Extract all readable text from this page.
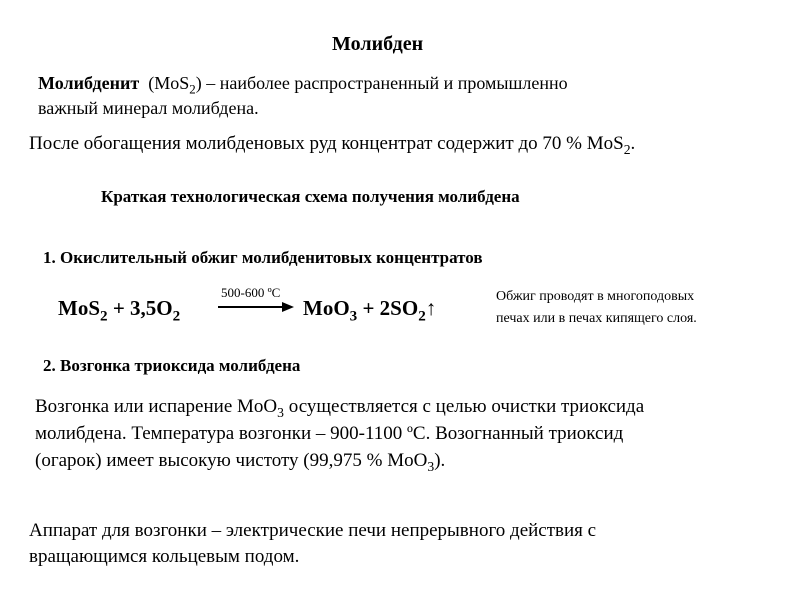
Молибден
Молибденит (MoS$_2$) – наиболее распространенный и промышленно
важный минерал молибдена.
После обогащения молибденовых руд концентрат содержит до 70 % MoS$_2$.
Краткая технологическая схема получения молибдена
1. Окислительный обжиг молибденитовых концентратов
$MoS_2 + 3,5O_2$
500-600 ºC
$MoO_3 + 2SO_2↑$	Обжиг проводят в многоподовых
печах или в печах кипящего слоя.
2. Возгонка триоксида молибдена
Возгонка или испарение MoO$_3$ осуществляется с целью очистки триоксида
молибдена. Температура возгонки – 900-1100 ºС. Возогнанный триоксид
(огарок) имеет высокую чистоту (99,975 % MoO$_3$).
Аппарат для возгонки – электрические печи непрерывного действия с
вращающимся кольцевым подом.
